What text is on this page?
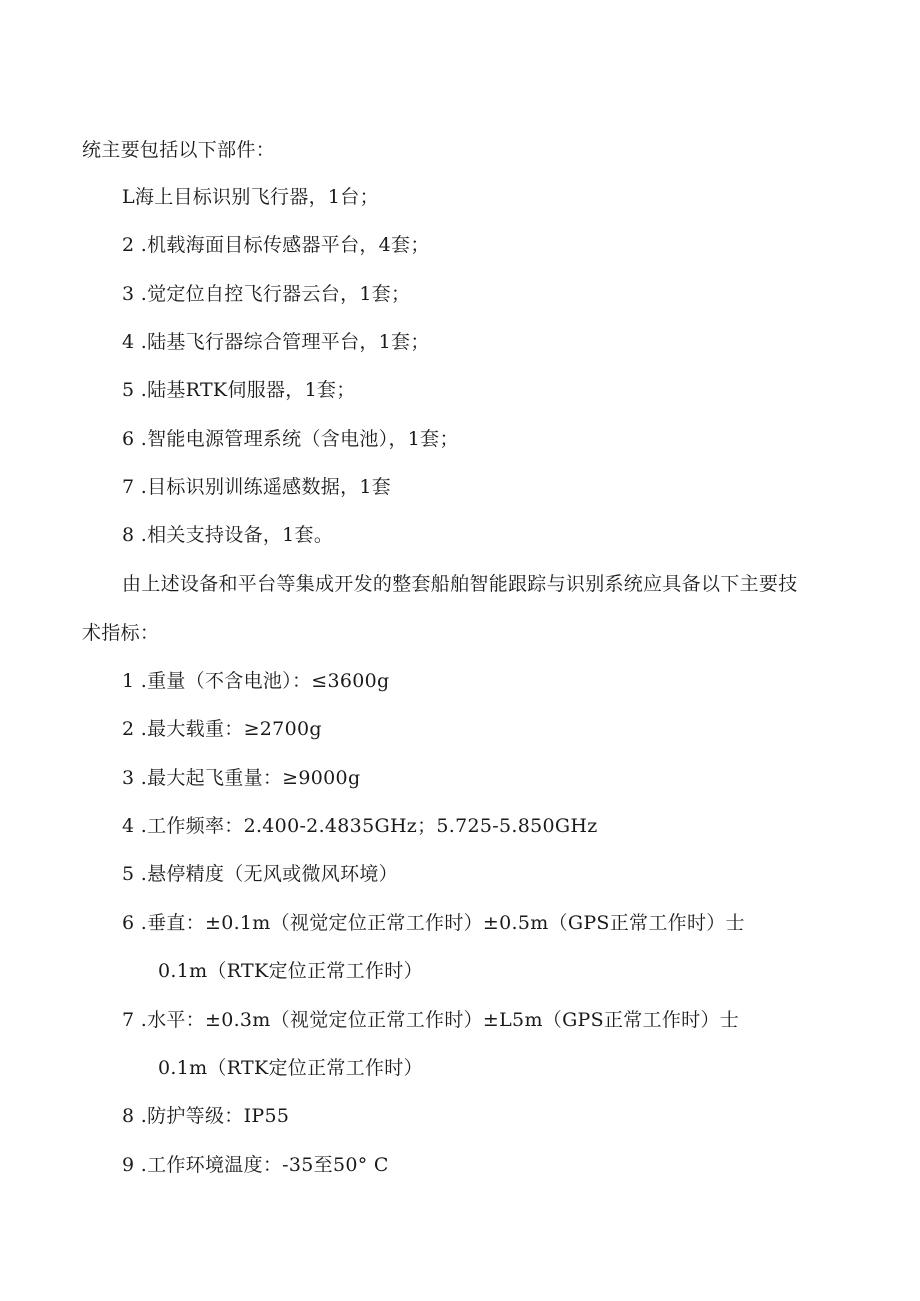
统主要包括以下部件：
L海上目标识别飞行器，1台；
2 .机载海面目标传感器平台，4套；
3 .觉定位自控飞行器云台，1套；
4 .陆基飞行器综合管理平台，1套；
5 .陆基RTK伺服器，1套；
6 .智能电源管理系统（含电池），1套；
7 .目标识别训练遥感数据，1套
8 .相关支持设备，1套。
由上述设备和平台等集成开发的整套船舶智能跟踪与识别系统应具备以下主要技
术指标：
1 .重量（不含电池）：≤3600g
2 .最大载重：≥2700g
3 .最大起飞重量：≥9000g
4 .工作频率：2.400-2.4835GHz；5.725-5.850GHz
5 .悬停精度（无风或微风环境）
6 .垂直：±0.1m（视觉定位正常工作时）±0.5m（GPS正常工作时）士
0.1m（RTK定位正常工作时）
7 .水平：±0.3m（视觉定位正常工作时）±L5m（GPS正常工作时）士
0.1m（RTK定位正常工作时）
8 .防护等级：IP55
9 .工作环境温度：-35至50° C
